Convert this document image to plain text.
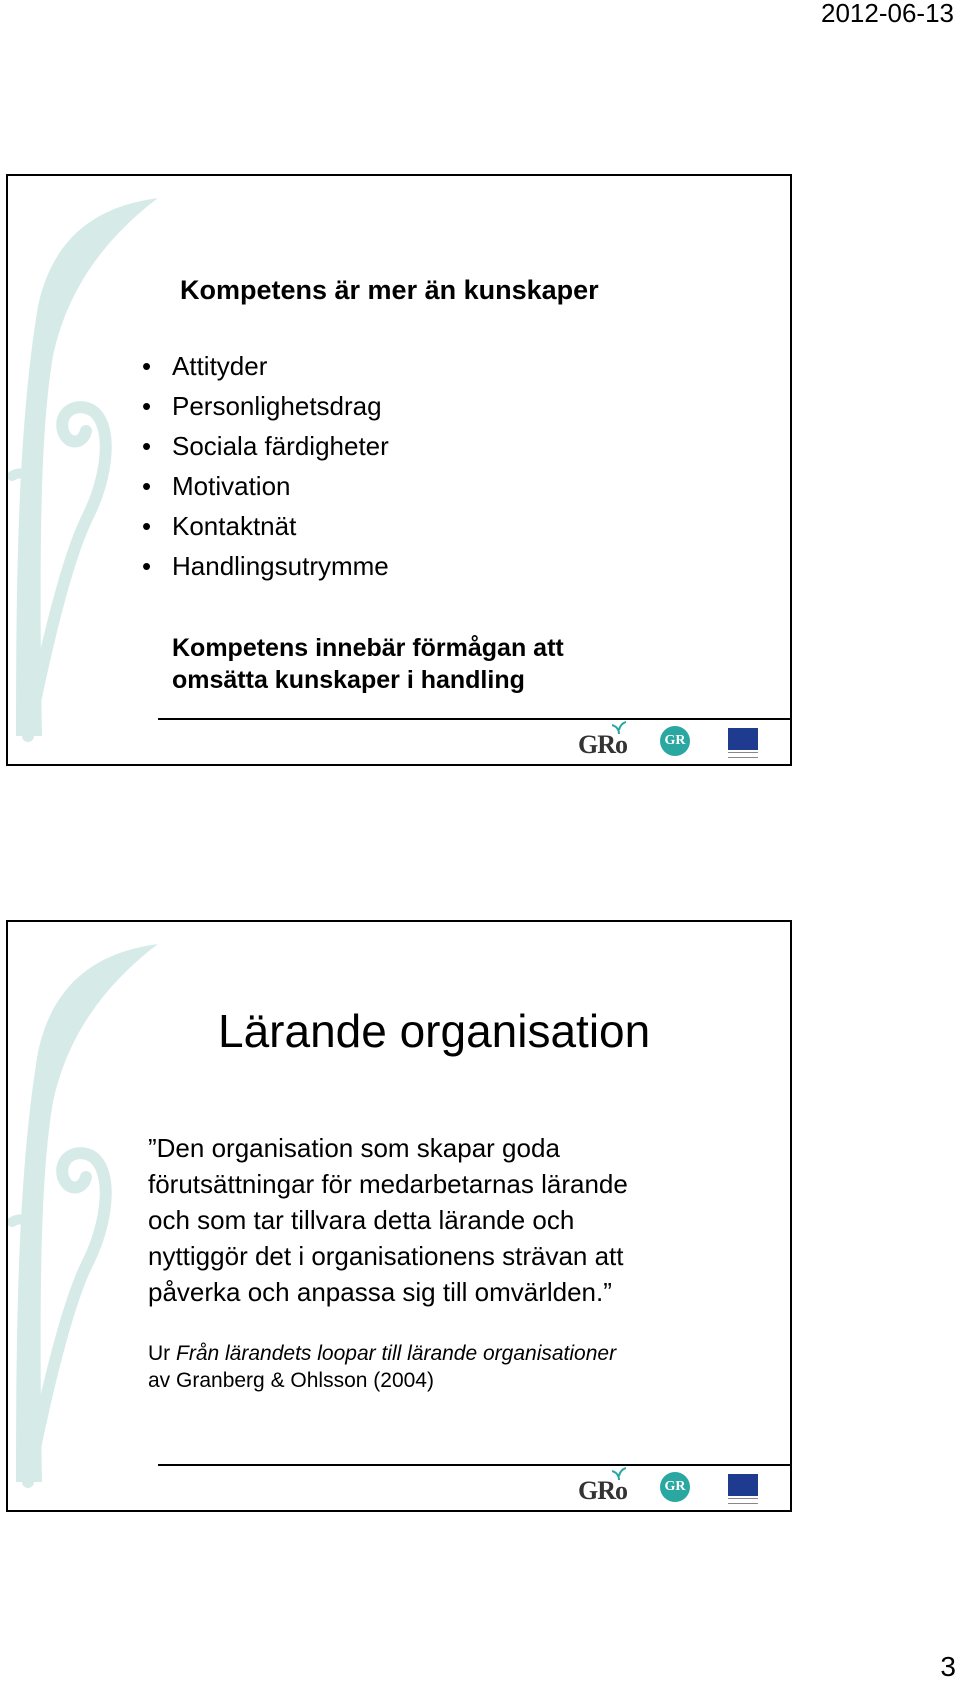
2012-06-13
Kompetens är mer än kunskaper
• Attityder
• Personlighetsdrag
• Sociala färdigheter
• Motivation
• Kontaktnät
• Handlingsutrymme
Kompetens innebär förmågan att
omsätta kunskaper i handling
GRo	GR
Lärande organisation
”Den organisation som skapar goda
förutsättningar för medarbetarnas lärande
och som tar tillvara detta lärande och
nyttiggör det i organisationens strävan att
påverka och anpassa sig till omvärlden.”
Ur Från lärandets loopar till lärande organisationer
av Granberg & Ohlsson (2004)
GRo	GR
3
